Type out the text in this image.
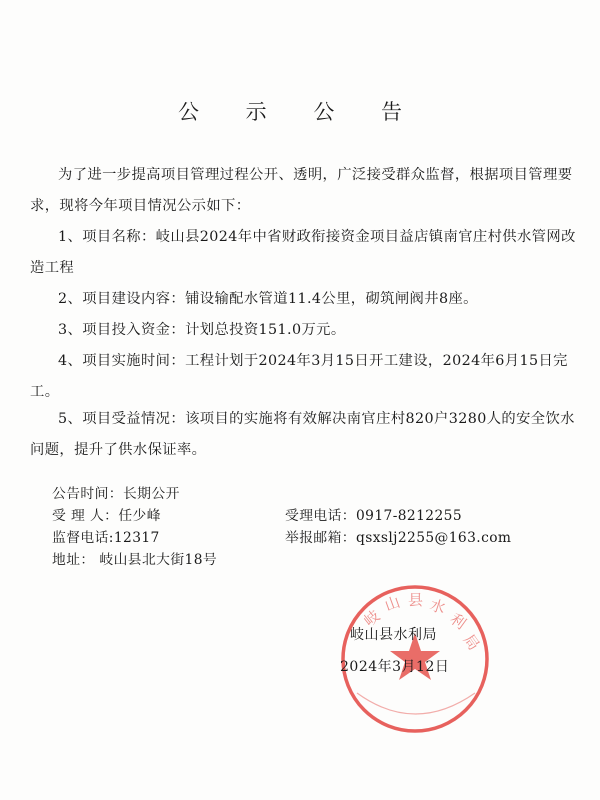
公 示 公 告
为了进一步提高项目管理过程公开、透明，广泛接受群众监督，根据项目管理要求，现将今年项目情况公示如下：
1、项目名称：岐山县2024年中省财政衔接资金项目益店镇南官庄村供水管网改造工程
2、项目建设内容：铺设输配水管道11.4公里，砌筑闸阀井8座。
3、项目投入资金：计划总投资151.0万元。
4、项目实施时间：工程计划于2024年3月15日开工建设，2024年6月15日完工。
5、项目受益情况：该项目的实施将有效解决南官庄村820户3280人的安全饮水问题，提升了供水保证率。
公告时间：长期公开
受 理 人：任少峰	受理电话：0917-8212255
监督电话:12317	举报邮箱：qsxslj2255@163.com
地址： 岐山县北大街18号
岐
山 县 水
利
局
岐山县水利局
2024年3月12日
